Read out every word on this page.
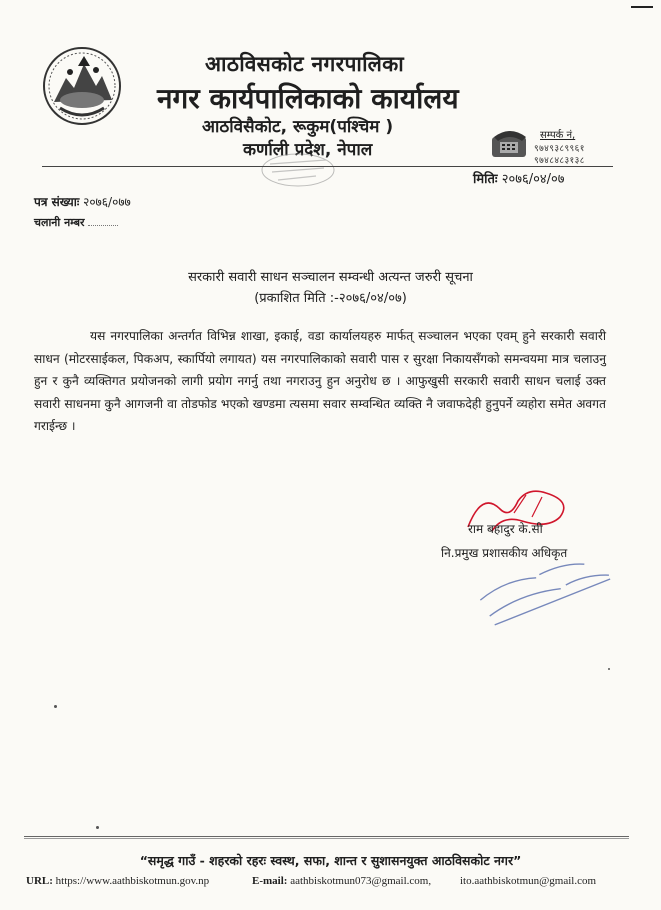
आठविसकोट नगरपालिका
नगर कार्यपालिकाको कार्यालय
आठविसैकोट, रूकुम(पश्चिम )
कर्णाली प्रदेश, नेपाल
सम्पर्क नं,
९७४९३८९९६१
९७४८४८३१३८
मितिः २०७६/०४/०७
पत्र संख्याः २०७६/०७७
चलानी नम्बर
सरकारी सवारी साधन सञ्चालन सम्वन्धी अत्यन्त जरुरी सूचना
(प्रकाशित मिति :-२०७६/०४/०७)
यस नगरपालिका अन्तर्गत विभिन्न शाखा, इकाई, वडा कार्यालयहरु मार्फत् सञ्चालन भएका एवम् हुने सरकारी सवारी साधन (मोटरसाईकल, पिकअप, स्कार्पियो लगायत) यस नगरपालिकाको सवारी पास र सुरक्षा निकायसँगको समन्वयमा मात्र चलाउनु हुन र कुनै व्यक्तिगत प्रयोजनको लागी प्रयोग नगर्नु तथा नगराउनु हुन अनुरोध छ । आफुखुसी सरकारी सवारी साधन चलाई उक्त सवारी साधनमा कुनै आगजनी वा तोडफोड भएको खण्डमा त्यसमा सवार सम्वन्धित व्यक्ति नै जवाफदेही हुनुपर्ने व्यहोरा समेत अवगत गराईन्छ ।
राम बहादुर के.सी
नि.प्रमुख प्रशासकीय अधिकृत
“समृद्ध गाउँ - शहरको रहरः स्वस्थ, सफा, शान्त र सुशासनयुक्त आठविसकोट नगर”
URL: https://www.aathbiskotmun.gov.np	E-mail: aathbiskotmun073@gmail.com,	ito.aathbiskotmun@gmail.com
